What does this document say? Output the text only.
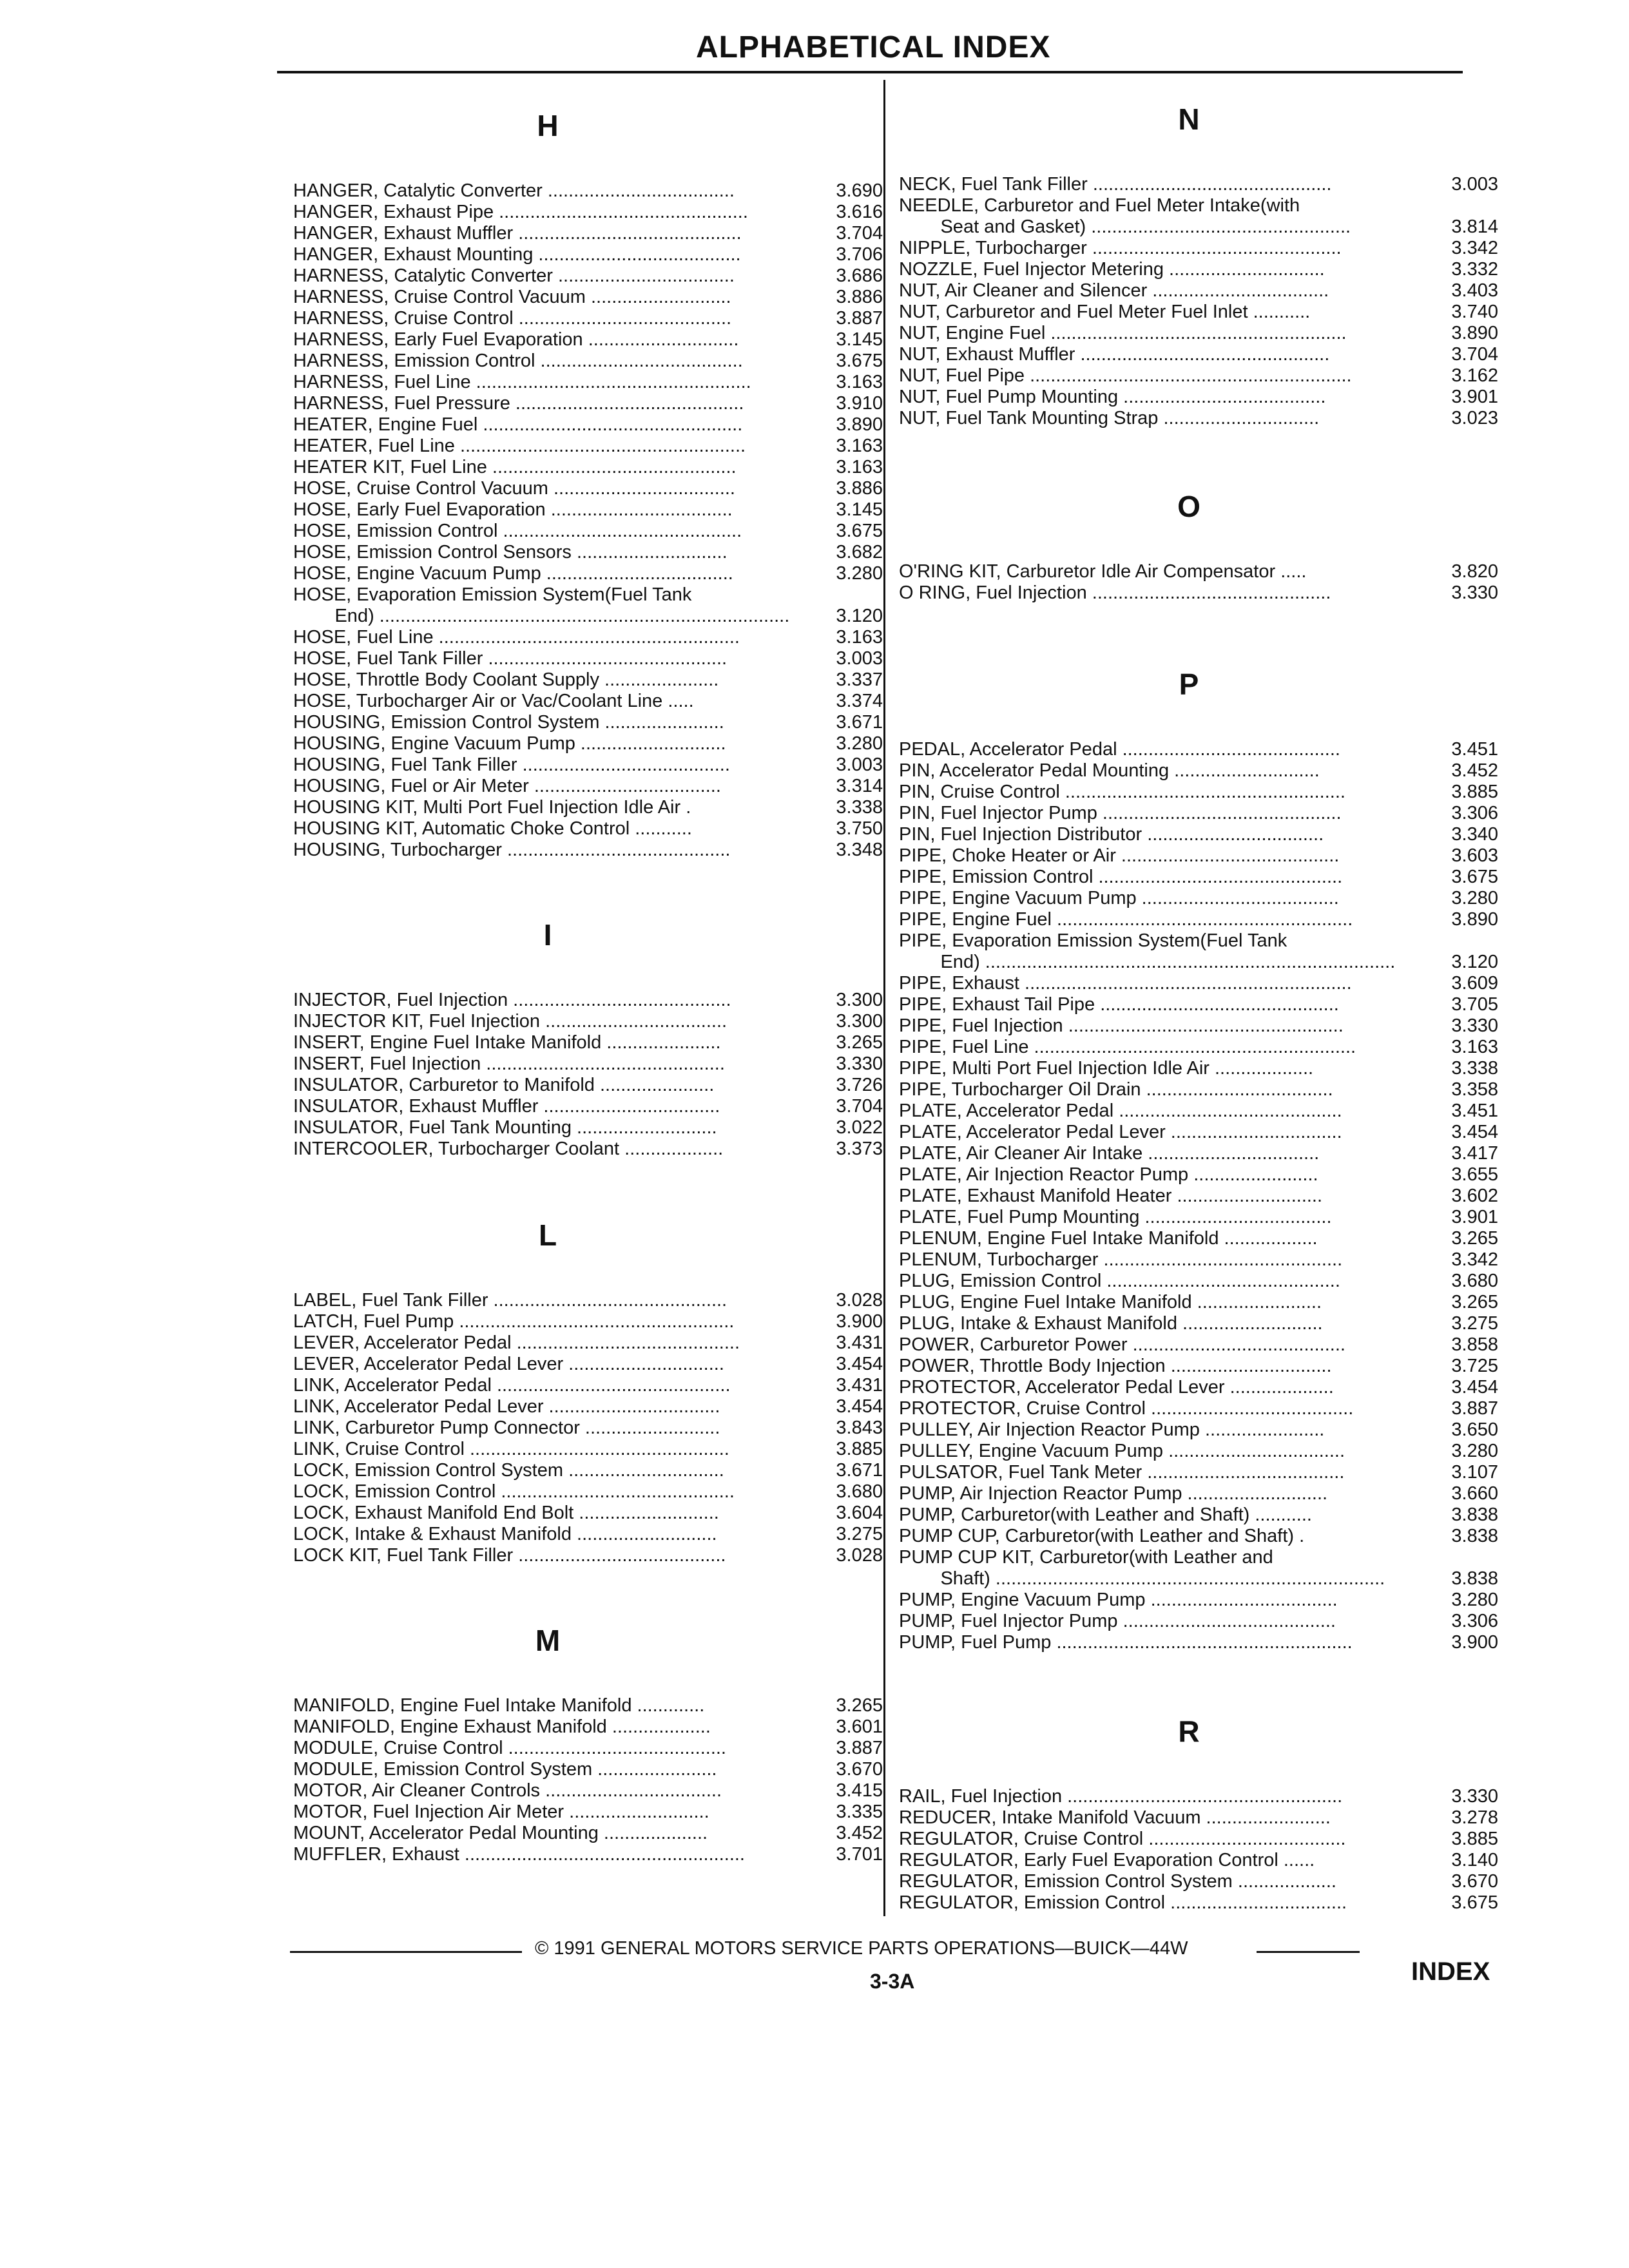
ALPHABETICAL INDEX
H
HANGER, Catalytic Converter ....................................	3.690
HANGER, Exhaust Pipe ................................................	3.616
HANGER, Exhaust Muffler ...........................................	3.704
HANGER, Exhaust Mounting .......................................	3.706
HARNESS, Catalytic Converter ..................................	3.686
HARNESS, Cruise Control Vacuum ...........................	3.886
HARNESS, Cruise Control .........................................	3.887
HARNESS, Early Fuel Evaporation .............................	3.145
HARNESS, Emission Control .......................................	3.675
HARNESS, Fuel Line .....................................................	3.163
HARNESS, Fuel Pressure ............................................	3.910
HEATER, Engine Fuel ..................................................	3.890
HEATER, Fuel Line .......................................................	3.163
HEATER KIT, Fuel Line ...............................................	3.163
HOSE, Cruise Control Vacuum ...................................	3.886
HOSE, Early Fuel Evaporation ...................................	3.145
HOSE, Emission Control ..............................................	3.675
HOSE, Emission Control Sensors .............................	3.682
HOSE, Engine Vacuum Pump ....................................	3.280
HOSE, Evaporation Emission System(Fuel Tank
End) ...............................................................................	3.120
HOSE, Fuel Line ..........................................................	3.163
HOSE, Fuel Tank Filler ..............................................	3.003
HOSE, Throttle Body Coolant Supply ......................	3.337
HOSE, Turbocharger Air or Vac/Coolant Line .....	3.374
HOUSING, Emission Control System .......................	3.671
HOUSING, Engine Vacuum Pump ............................	3.280
HOUSING, Fuel Tank Filler ........................................	3.003
HOUSING, Fuel or Air Meter ....................................	3.314
HOUSING KIT, Multi Port Fuel Injection Idle Air .	3.338
HOUSING KIT, Automatic Choke Control ...........	3.750
HOUSING, Turbocharger ...........................................	3.348
I
INJECTOR, Fuel Injection ..........................................	3.300
INJECTOR KIT, Fuel Injection ...................................	3.300
INSERT, Engine Fuel Intake Manifold ......................	3.265
INSERT, Fuel Injection ..............................................	3.330
INSULATOR, Carburetor to Manifold ......................	3.726
INSULATOR, Exhaust Muffler ..................................	3.704
INSULATOR, Fuel Tank Mounting ...........................	3.022
INTERCOOLER, Turbocharger Coolant ...................	3.373
L
LABEL, Fuel Tank Filler .............................................	3.028
LATCH, Fuel Pump .....................................................	3.900
LEVER, Accelerator Pedal ...........................................	3.431
LEVER, Accelerator Pedal Lever ..............................	3.454
LINK, Accelerator Pedal .............................................	3.431
LINK, Accelerator Pedal Lever .................................	3.454
LINK, Carburetor Pump Connector ..........................	3.843
LINK, Cruise Control ..................................................	3.885
LOCK, Emission Control System ..............................	3.671
LOCK, Emission Control .............................................	3.680
LOCK, Exhaust Manifold End Bolt ...........................	3.604
LOCK, Intake & Exhaust Manifold ...........................	3.275
LOCK KIT, Fuel Tank Filler ........................................	3.028
M
MANIFOLD, Engine Fuel Intake Manifold .............	3.265
MANIFOLD, Engine Exhaust Manifold ...................	3.601
MODULE, Cruise Control ..........................................	3.887
MODULE, Emission Control System .......................	3.670
MOTOR, Air Cleaner Controls ..................................	3.415
MOTOR, Fuel Injection Air Meter ...........................	3.335
MOUNT, Accelerator Pedal Mounting ....................	3.452
MUFFLER, Exhaust ......................................................	3.701
N
NECK, Fuel Tank Filler ..............................................	3.003
NEEDLE, Carburetor and Fuel Meter Intake(with
Seat and Gasket) ..................................................	3.814
NIPPLE, Turbocharger ................................................	3.342
NOZZLE, Fuel Injector Metering ..............................	3.332
NUT, Air Cleaner and Silencer ..................................	3.403
NUT, Carburetor and Fuel Meter Fuel Inlet ...........	3.740
NUT, Engine Fuel .........................................................	3.890
NUT, Exhaust Muffler ................................................	3.704
NUT, Fuel Pipe ..............................................................	3.162
NUT, Fuel Pump Mounting .......................................	3.901
NUT, Fuel Tank Mounting Strap ..............................	3.023
O
O'RING KIT, Carburetor Idle Air Compensator .....	3.820
O RING, Fuel Injection ..............................................	3.330
P
PEDAL, Accelerator Pedal ..........................................	3.451
PIN, Accelerator Pedal Mounting ............................	3.452
PIN, Cruise Control ......................................................	3.885
PIN, Fuel Injector Pump ..............................................	3.306
PIN, Fuel Injection Distributor ..................................	3.340
PIPE, Choke Heater or Air ..........................................	3.603
PIPE, Emission Control ...............................................	3.675
PIPE, Engine Vacuum Pump ......................................	3.280
PIPE, Engine Fuel .........................................................	3.890
PIPE, Evaporation Emission System(Fuel Tank
End) ...............................................................................	3.120
PIPE, Exhaust ...............................................................	3.609
PIPE, Exhaust Tail Pipe ..............................................	3.705
PIPE, Fuel Injection .....................................................	3.330
PIPE, Fuel Line ..............................................................	3.163
PIPE, Multi Port Fuel Injection Idle Air ...................	3.338
PIPE, Turbocharger Oil Drain ....................................	3.358
PLATE, Accelerator Pedal ...........................................	3.451
PLATE, Accelerator Pedal Lever .................................	3.454
PLATE, Air Cleaner Air Intake .................................	3.417
PLATE, Air Injection Reactor Pump ........................	3.655
PLATE, Exhaust Manifold Heater ............................	3.602
PLATE, Fuel Pump Mounting ....................................	3.901
PLENUM, Engine Fuel Intake Manifold ..................	3.265
PLENUM, Turbocharger ..............................................	3.342
PLUG, Emission Control .............................................	3.680
PLUG, Engine Fuel Intake Manifold ........................	3.265
PLUG, Intake & Exhaust Manifold ...........................	3.275
POWER, Carburetor Power .........................................	3.858
POWER, Throttle Body Injection ...............................	3.725
PROTECTOR, Accelerator Pedal Lever ....................	3.454
PROTECTOR, Cruise Control .......................................	3.887
PULLEY, Air Injection Reactor Pump .......................	3.650
PULLEY, Engine Vacuum Pump ..................................	3.280
PULSATOR, Fuel Tank Meter ......................................	3.107
PUMP, Air Injection Reactor Pump ...........................	3.660
PUMP, Carburetor(with Leather and Shaft) ...........	3.838
PUMP CUP, Carburetor(with Leather and Shaft) .	3.838
PUMP CUP KIT, Carburetor(with Leather and
Shaft) ...........................................................................	3.838
PUMP, Engine Vacuum Pump ....................................	3.280
PUMP, Fuel Injector Pump .........................................	3.306
PUMP, Fuel Pump .........................................................	3.900
R
RAIL, Fuel Injection .....................................................	3.330
REDUCER, Intake Manifold Vacuum ........................	3.278
REGULATOR, Cruise Control ......................................	3.885
REGULATOR, Early Fuel Evaporation Control ......	3.140
REGULATOR, Emission Control System ...................	3.670
REGULATOR, Emission Control ..................................	3.675
© 1991 GENERAL MOTORS SERVICE PARTS OPERATIONS—BUICK—44W
3-3A	INDEX
